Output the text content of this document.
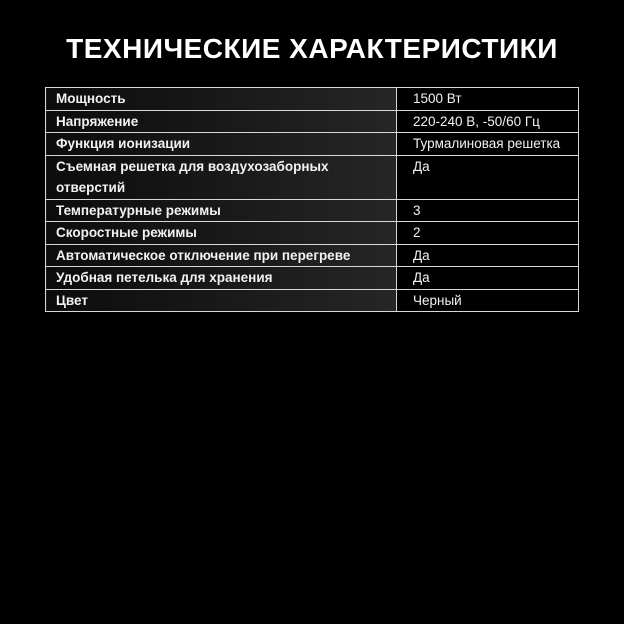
ТЕХНИЧЕСКИЕ ХАРАКТЕРИСТИКИ
Мощность	1500 Вт
Напряжение	220-240 В, -50/60 Гц
Функция ионизации	Турмалиновая решетка
Съемная решетка для воздухозаборных отверстий	Да
Температурные режимы	3
Скоростные режимы	2
Автоматическое отключение при перегреве	Да
Удобная петелька для хранения	Да
Цвет	Черный
